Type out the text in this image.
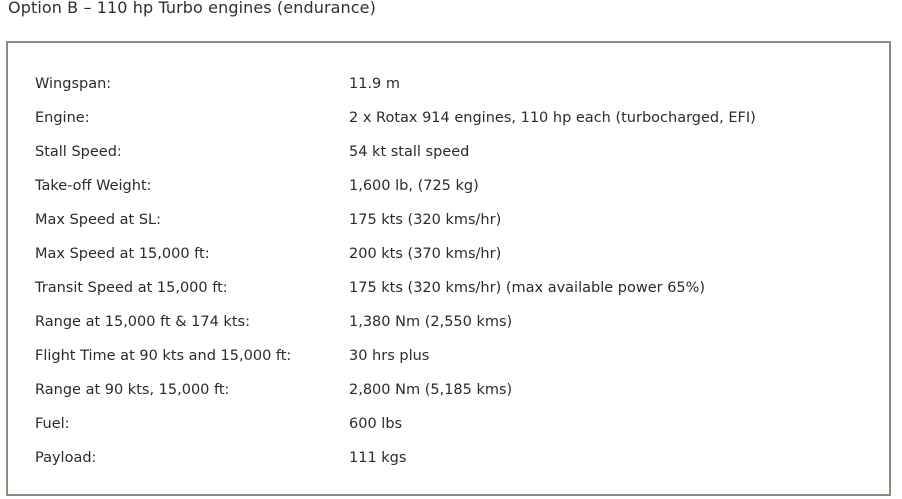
Option B – 110 hp Turbo engines (endurance)
Wingspan:	11.9 m
Engine:	2 x Rotax 914 engines, 110 hp each (turbocharged, EFI)
Stall Speed:	54 kt stall speed
Take-off Weight:	1,600 lb, (725 kg)
Max Speed at SL:	175 kts (320 kms/hr)
Max Speed at 15,000 ft:	200 kts (370 kms/hr)
Transit Speed at 15,000 ft:	175 kts (320 kms/hr) (max available power 65%)
Range at 15,000 ft & 174 kts:	1,380 Nm (2,550 kms)
Flight Time at 90 kts and 15,000 ft:	30 hrs plus
Range at 90 kts, 15,000 ft:	2,800 Nm (5,185 kms)
Fuel:	600 lbs
Payload:	111 kgs
